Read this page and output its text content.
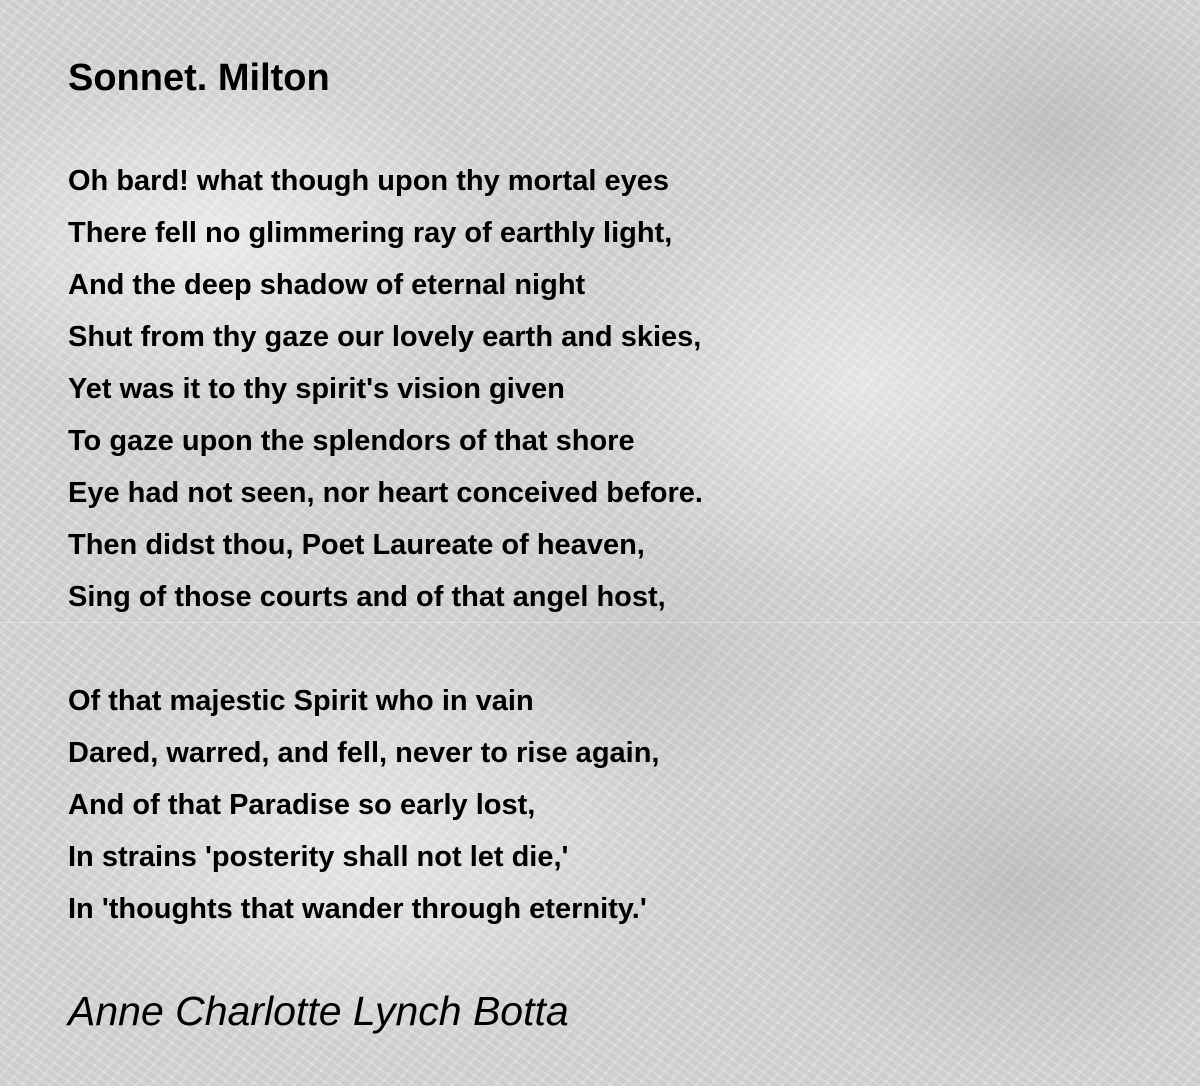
Sonnet. Milton
Oh bard! what though upon thy mortal eyes
There fell no glimmering ray of earthly light,
And the deep shadow of eternal night
Shut from thy gaze our lovely earth and skies,
Yet was it to thy spirit's vision given
To gaze upon the splendors of that shore
Eye had not seen, nor heart conceived before.
Then didst thou, Poet Laureate of heaven,
Sing of those courts and of that angel host,
Of that majestic Spirit who in vain
Dared, warred, and fell, never to rise again,
And of that Paradise so early lost,
In strains 'posterity shall not let die,'
In 'thoughts that wander through eternity.'

Anne Charlotte Lynch Botta
